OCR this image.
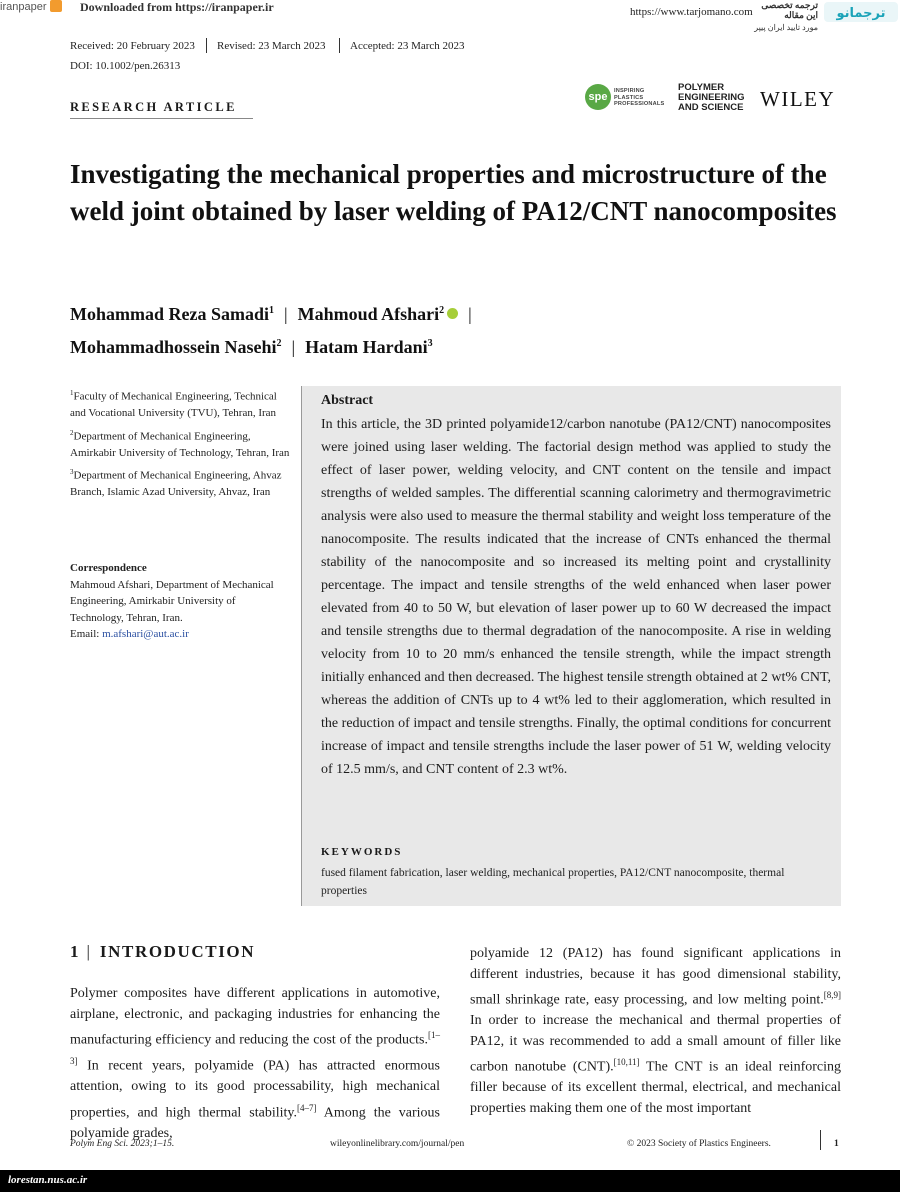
iranpaper	Downloaded from https://iranpaper.ir	https://www.tarjomano.com
ترجمه تخصصی این مقاله
مورد تایید ایران پیپر
ترجمانو
Received: 20 February 2023 Revised: 23 March 2023 Accepted: 23 March 2023
DOI: 10.1002/pen.26313
RESEARCH ARTICLE
spe	INSPIRING
PLASTICS
PROFESSIONALS
POLYMER
ENGINEERING
AND SCIENCE WILEY
Investigating the mechanical properties and microstructure of the weld joint obtained by laser welding of PA12/CNT nanocomposites
Mohammad Reza Samadi$^1$ | Mahmoud Afshari$^2$ |
Mohammadhossein Nasehi$^2$ | Hatam Hardani$^3$

$^1$Faculty of Mechanical Engineering, Technical and Vocational University (TVU), Tehran, Iran

$^2$Department of Mechanical Engineering, Amirkabir University of Technology, Tehran, Iran

$^3$Department of Mechanical Engineering, Ahvaz Branch, Islamic Azad University, Ahvaz, Iran

Correspondence

Mahmoud Afshari, Department of Mechanical Engineering, Amirkabir University of Technology, Tehran, Iran.

Email: m.afshari@aut.ac.ir

Abstract
In this article, the 3D printed polyamide12/carbon nanotube (PA12/CNT) nanocomposites were joined using laser welding. The factorial design method was applied to study the effect of laser power, welding velocity, and CNT content on the tensile and impact strengths of welded samples. The differential scanning calorimetry and thermogravimetric analysis were also used to measure the thermal stability and weight loss temperature of the nanocomposite. The results indicated that the increase of CNTs enhanced the thermal stability of the nanocomposite and so increased its melting point and crystallinity percentage. The impact and tensile strengths of the weld enhanced when laser power elevated from 40 to 50 W, but elevation of laser power up to 60 W decreased the impact and tensile strengths due to thermal degradation of the nanocomposite. A rise in welding velocity from 10 to 20 mm/s enhanced the tensile strength, while the impact strength initially enhanced and then decreased. The highest tensile strength obtained at 2 wt% CNT, whereas the addition of CNTs up to 4 wt% led to their agglomeration, which resulted in the reduction of impact and tensile strengths. Finally, the optimal conditions for concurrent increase of impact and tensile strengths include the laser power of 51 W, welding velocity of 12.5 mm/s, and CNT content of 2.3 wt%.
KEYWORDS
fused filament fabrication, laser welding, mechanical properties, PA12/CNT nanocomposite, thermal properties
1 | INTRODUCTION
Polymer composites have different applications in automotive, airplane, electronic, and packaging industries for enhancing the manufacturing efficiency and reducing the cost of the products.[1–3] In recent years, polyamide (PA) has attracted enormous attention, owing to its good processability, high mechanical properties, and high thermal stability.[4–7] Among the various polyamide grades,
polyamide 12 (PA12) has found significant applications in different industries, because it has good dimensional stability, small shrinkage rate, easy processing, and low melting point.[8,9] In order to increase the mechanical and thermal properties of PA12, it was recommended to add a small amount of filler like carbon nanotube (CNT).[10,11] The CNT is an ideal reinforcing filler because of its excellent thermal, electrical, and mechanical properties making them one of the most important
Polym Eng Sci. 2023;1–15.	wileyonlinelibrary.com/journal/pen	© 2023 Society of Plastics Engineers.	1
lorestan.nus.ac.ir
